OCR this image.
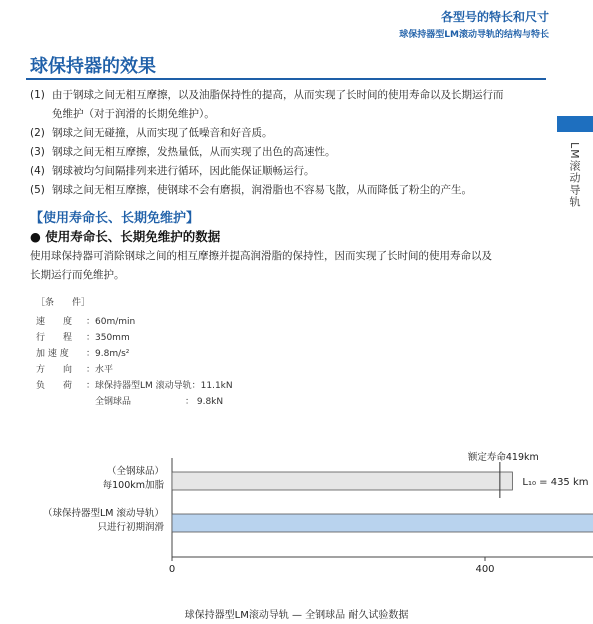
各型号的特长和尺寸
球保持器型LM滚动导轨的结构与特长
LM滚动导轨
球保持器的效果
(1) 由于钢球之间无相互摩擦，以及油脂保持性的提高，从而实现了长时间的使用寿命以及长期运行而
免维护（对于润滑的长期免维护）。
(2) 钢球之间无碰撞，从而实现了低噪音和好音质。
(3) 钢球之间无相互摩擦，发热量低，从而实现了出色的高速性。
(4) 钢球被均匀间隔排列来进行循环，因此能保证顺畅运行。
(5) 钢球之间无相互摩擦，使钢球不会有磨损，润滑脂也不容易飞散，从而降低了粉尘的产生。
【使用寿命长、长期免维护】
● 使用寿命长、长期免维护的数据
使用球保持器可消除钢球之间的相互摩擦并提高润滑脂的保持性，因而实现了长时间的使用寿命以及
长期运行而免维护。
［条　　件］
速　　度 ：60m/min
行　　程 ：350mm
加 速 度 ：9.8m/s²
方　　向 ：水平
负　　荷 ：球保持器型LM 滚动导轨：11.1kN
　全钢球品　　　　　　： 9.8kN
L₁₀ = 435 km
额定寿命419km
（全钢球品）
每100km加脂
（球保持器型LM 滚动导轨）
只进行初期润滑
0	400
球保持器型LM滚动导轨 — 全钢球品 耐久试验数据
